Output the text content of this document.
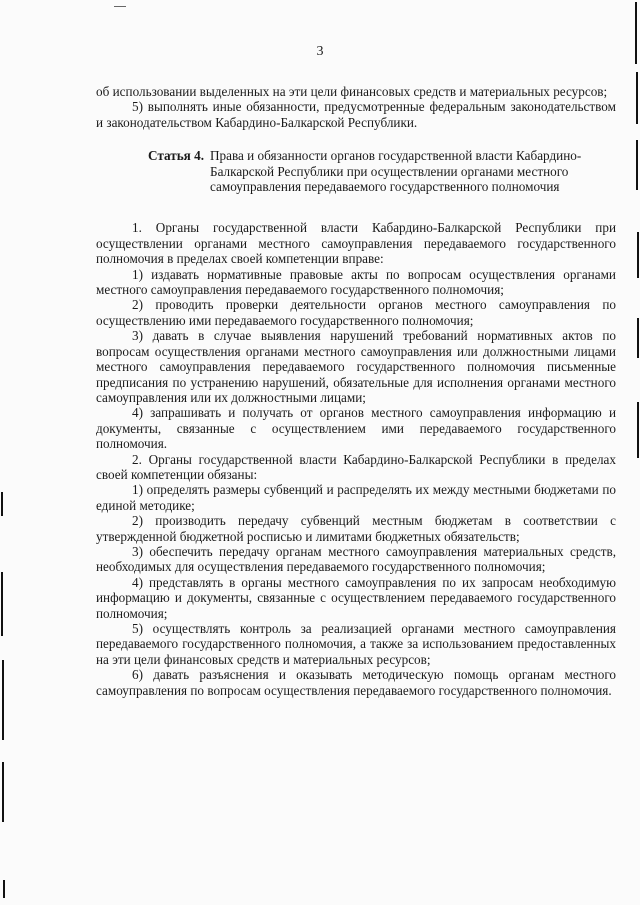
3

об использовании выделенных на эти цели финансовых средств и материальных ресурсов;

5) выполнять иные обязанности, предусмотренные федеральным законодательством и законодательством Кабардино-Балкарской Республики.

Статья 4. Права и обязанности органов государственной власти Кабардино-Балкарской Республики при осуществлении органами местного самоуправления передаваемого государственного полномочия

1. Органы государственной власти Кабардино-Балкарской Республики при осуществлении органами местного самоуправления передаваемого государственного полномочия в пределах своей компетенции вправе:

1) издавать нормативные правовые акты по вопросам осуществления органами местного самоуправления передаваемого государственного полномочия;

2) проводить проверки деятельности органов местного самоуправления по осуществлению ими передаваемого государственного полномочия;

3) давать в случае выявления нарушений требований нормативных актов по вопросам осуществления органами местного самоуправления или должностными лицами местного самоуправления передаваемого государственного полномочия письменные предписания по устранению нарушений, обязательные для исполнения органами местного самоуправления или их должностными лицами;

4) запрашивать и получать от органов местного самоуправления информацию и документы, связанные с осуществлением ими передаваемого государственного полномочия.

2. Органы государственной власти Кабардино-Балкарской Республики в пределах своей компетенции обязаны:

1) определять размеры субвенций и распределять их между местными бюджетами по единой методике;

2) производить передачу субвенций местным бюджетам в соответствии с утвержденной бюджетной росписью и лимитами бюджетных обязательств;

3) обеспечить передачу органам местного самоуправления материальных средств, необходимых для осуществления передаваемого государственного полномочия;

4) представлять в органы местного самоуправления по их запросам необходимую информацию и документы, связанные с осуществлением передаваемого государственного полномочия;

5) осуществлять контроль за реализацией органами местного самоуправления передаваемого государственного полномочия, а также за использованием предоставленных на эти цели финансовых средств и материальных ресурсов;

6) давать разъяснения и оказывать методическую помощь органам местного самоуправления по вопросам осуществления передаваемого государственного полномочия.
